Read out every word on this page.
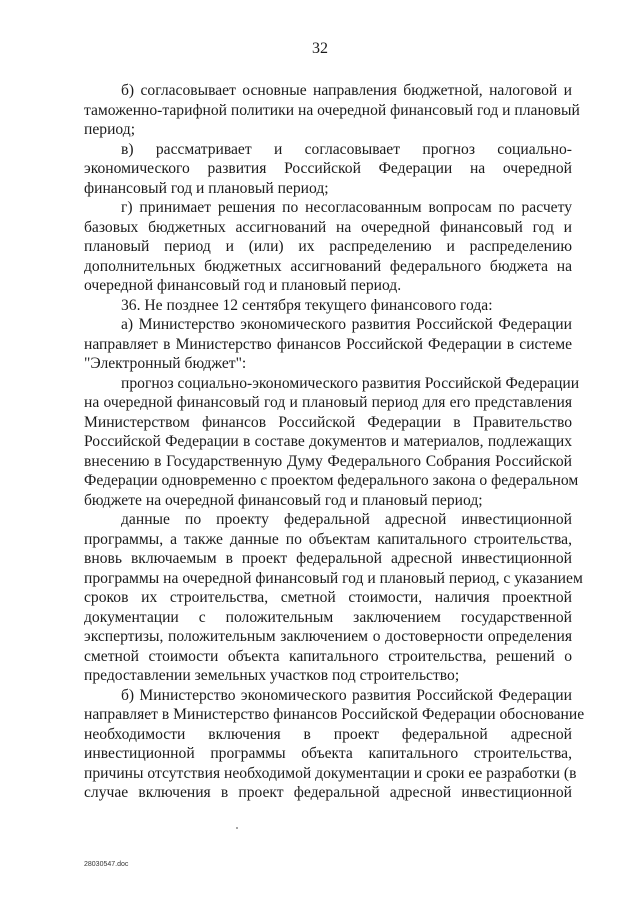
32
б) согласовывает основные направления бюджетной, налоговой и
таможенно-тарифной политики на очередной финансовый год и плановый
период;
в) рассматривает и согласовывает прогноз социально-
экономического развития Российской Федерации на очередной
финансовый год и плановый период;
г) принимает решения по несогласованным вопросам по расчету
базовых бюджетных ассигнований на очередной финансовый год и
плановый период и (или) их распределению и распределению
дополнительных бюджетных ассигнований федерального бюджета на
очередной финансовый год и плановый период.
36. Не позднее 12 сентября текущего финансового года:
а) Министерство экономического развития Российской Федерации
направляет в Министерство финансов Российской Федерации в системе
"Электронный бюджет":
прогноз социально-экономического развития Российской Федерации
на очередной финансовый год и плановый период для его представления
Министерством финансов Российской Федерации в Правительство
Российской Федерации в составе документов и материалов, подлежащих
внесению в Государственную Думу Федерального Собрания Российской
Федерации одновременно с проектом федерального закона о федеральном
бюджете на очередной финансовый год и плановый период;
данные по проекту федеральной адресной инвестиционной
программы, а также данные по объектам капитального строительства,
вновь включаемым в проект федеральной адресной инвестиционной
программы на очередной финансовый год и плановый период, с указанием
сроков их строительства, сметной стоимости, наличия проектной
документации с положительным заключением государственной
экспертизы, положительным заключением о достоверности определения
сметной стоимости объекта капитального строительства, решений о
предоставлении земельных участков под строительство;
б) Министерство экономического развития Российской Федерации
направляет в Министерство финансов Российской Федерации обоснование
необходимости включения в проект федеральной адресной
инвестиционной программы объекта капитального строительства,
причины отсутствия необходимой документации и сроки ее разработки (в
случае включения в проект федеральной адресной инвестиционной
28030547.doc
